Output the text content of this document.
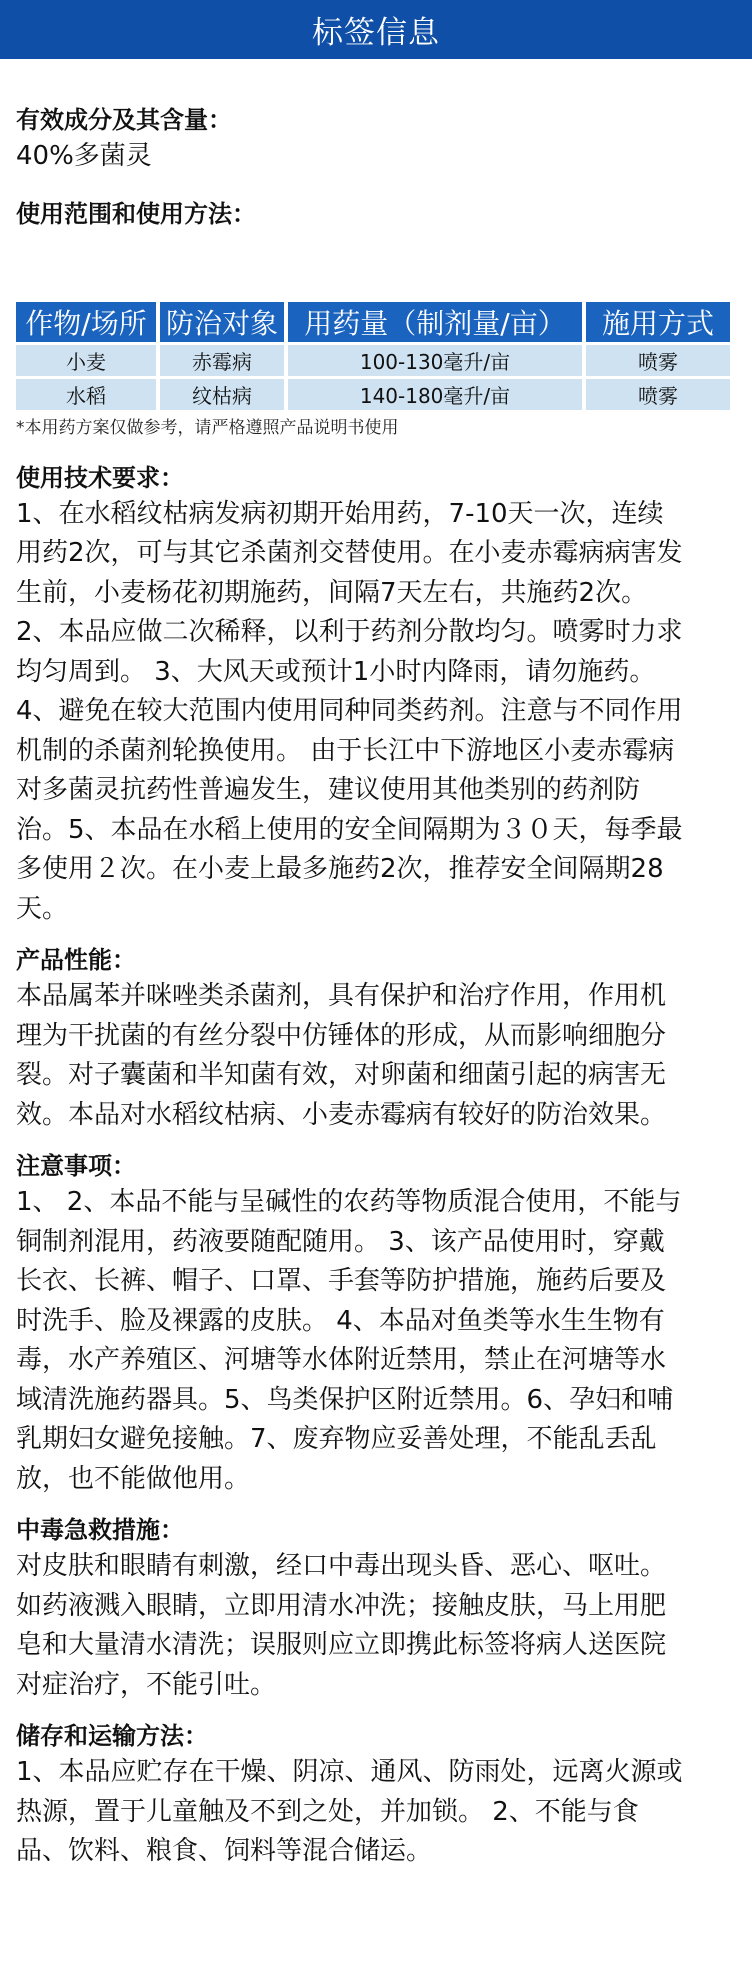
标签信息
有效成分及其含量：
40%多菌灵
使用范围和使用方法：
作物/场所	防治对象	用药量（制剂量/亩）	施用方式
小麦	赤霉病	100-130毫升/亩	喷雾
水稻	纹枯病	140-180毫升/亩	喷雾
*本用药方案仅做参考，请严格遵照产品说明书使用
使用技术要求：
1、在水稻纹枯病发病初期开始用药，7-10天一次，连续
用药2次，可与其它杀菌剂交替使用。在小麦赤霉病病害发
生前，小麦杨花初期施药，间隔7天左右，共施药2次。
2、本品应做二次稀释，以利于药剂分散均匀。喷雾时力求
均匀周到。 3、大风天或预计1小时内降雨，请勿施药。
4、避免在较大范围内使用同种同类药剂。注意与不同作用
机制的杀菌剂轮换使用。 由于长江中下游地区小麦赤霉病
对多菌灵抗药性普遍发生，建议使用其他类别的药剂防
治。5、本品在水稻上使用的安全间隔期为３０天，每季最
多使用２次。在小麦上最多施药2次，推荐安全间隔期28
天。
产品性能：
本品属苯并咪唑类杀菌剂，具有保护和治疗作用，作用机
理为干扰菌的有丝分裂中仿锤体的形成，从而影响细胞分
裂。对子囊菌和半知菌有效，对卵菌和细菌引起的病害无
效。本品对水稻纹枯病、小麦赤霉病有较好的防治效果。
注意事项：
1、 2、本品不能与呈碱性的农药等物质混合使用，不能与
铜制剂混用，药液要随配随用。 3、该产品使用时，穿戴
长衣、长裤、帽子、口罩、手套等防护措施，施药后要及
时洗手、脸及裸露的皮肤。 4、本品对鱼类等水生生物有
毒，水产养殖区、河塘等水体附近禁用，禁止在河塘等水
域清洗施药器具。5、鸟类保护区附近禁用。6、孕妇和哺
乳期妇女避免接触。7、废弃物应妥善处理，不能乱丢乱
放，也不能做他用。
中毒急救措施：
对皮肤和眼睛有刺激，经口中毒出现头昏、恶心、呕吐。
如药液溅入眼睛，立即用清水冲洗；接触皮肤，马上用肥
皂和大量清水清洗；误服则应立即携此标签将病人送医院
对症治疗，不能引吐。
储存和运输方法：
1、本品应贮存在干燥、阴凉、通风、防雨处，远离火源或
热源，置于儿童触及不到之处，并加锁。 2、不能与食
品、饮料、粮食、饲料等混合储运。
